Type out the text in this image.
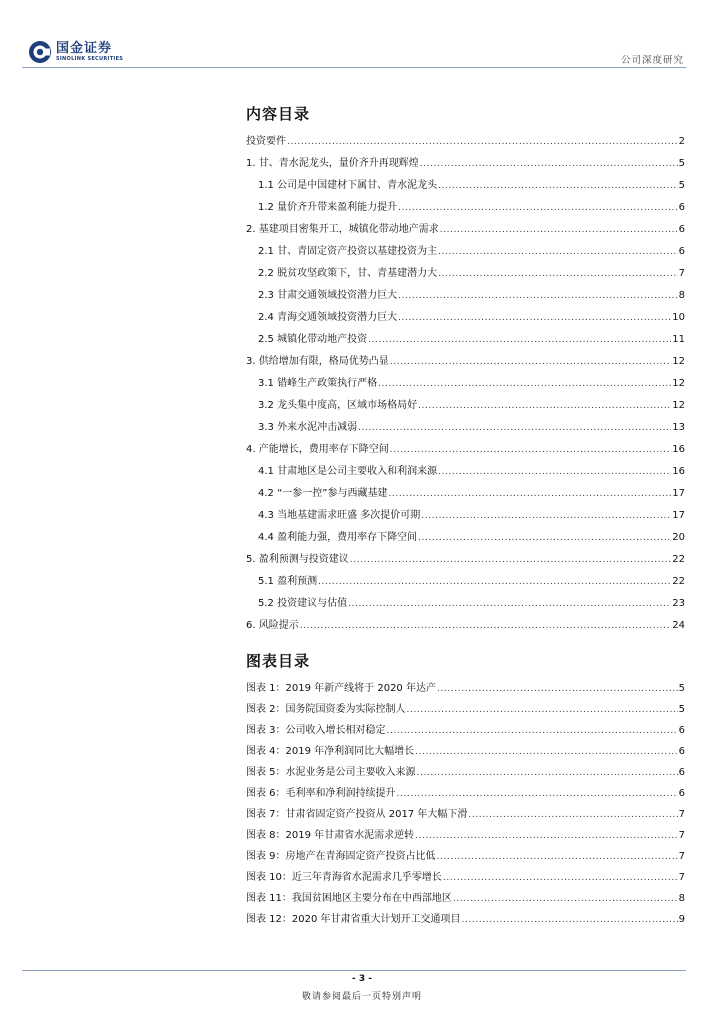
国金证券
SINOLINK SECURITIES	公司深度研究
内容目录
投资要件 .....	2
1. 甘、青水泥龙头，量价齐升再现辉煌 .....	5
1.1 公司是中国建材下属甘、青水泥龙头 .....	5
1.2 量价齐升带来盈利能力提升 .....	6
2. 基建项目密集开工，城镇化带动地产需求 .....	6
2.1 甘、青固定资产投资以基建投资为主 .....	6
2.2 脱贫攻坚政策下，甘、青基建潜力大 .....	7
2.3 甘肃交通领域投资潜力巨大 .....	8
2.4 青海交通领域投资潜力巨大 .....	10
2.5 城镇化带动地产投资 .....	11
3. 供给增加有限，格局优势凸显 .....	12
3.1 错峰生产政策执行严格 .....	12
3.2 龙头集中度高，区域市场格局好 .....	12
3.3 外来水泥冲击减弱 .....	13
4. 产能增长，费用率存下降空间 .....	16
4.1 甘肃地区是公司主要收入和利润来源 .....	16
4.2 “一参一控”参与西藏基建 .....	17
4.3 当地基建需求旺盛 多次提价可期 .....	17
4.4 盈利能力强，费用率存下降空间 .....	20
5. 盈利预测与投资建议 .....	22
5.1 盈利预测 .....	22
5.2 投资建议与估值 .....	23
6. 风险提示 .....	24
图表目录
图表 1：2019 年新产线将于 2020 年达产 .....	5
图表 2：国务院国资委为实际控制人 .....	5
图表 3：公司收入增长相对稳定 .....	6
图表 4：2019 年净利润同比大幅增长 .....	6
图表 5：水泥业务是公司主要收入来源 .....	6
图表 6：毛利率和净利润持续提升 .....	6
图表 7：甘肃省固定资产投资从 2017 年大幅下滑 .....	7
图表 8：2019 年甘肃省水泥需求逆转 .....	7
图表 9：房地产在青海固定资产投资占比低 .....	7
图表 10：近三年青海省水泥需求几乎零增长 .....	7
图表 11：我国贫困地区主要分布在中西部地区 .....	8
图表 12：2020 年甘肃省重大计划开工交通项目 .....	9
- 3 -
敬请参阅最后一页特别声明
